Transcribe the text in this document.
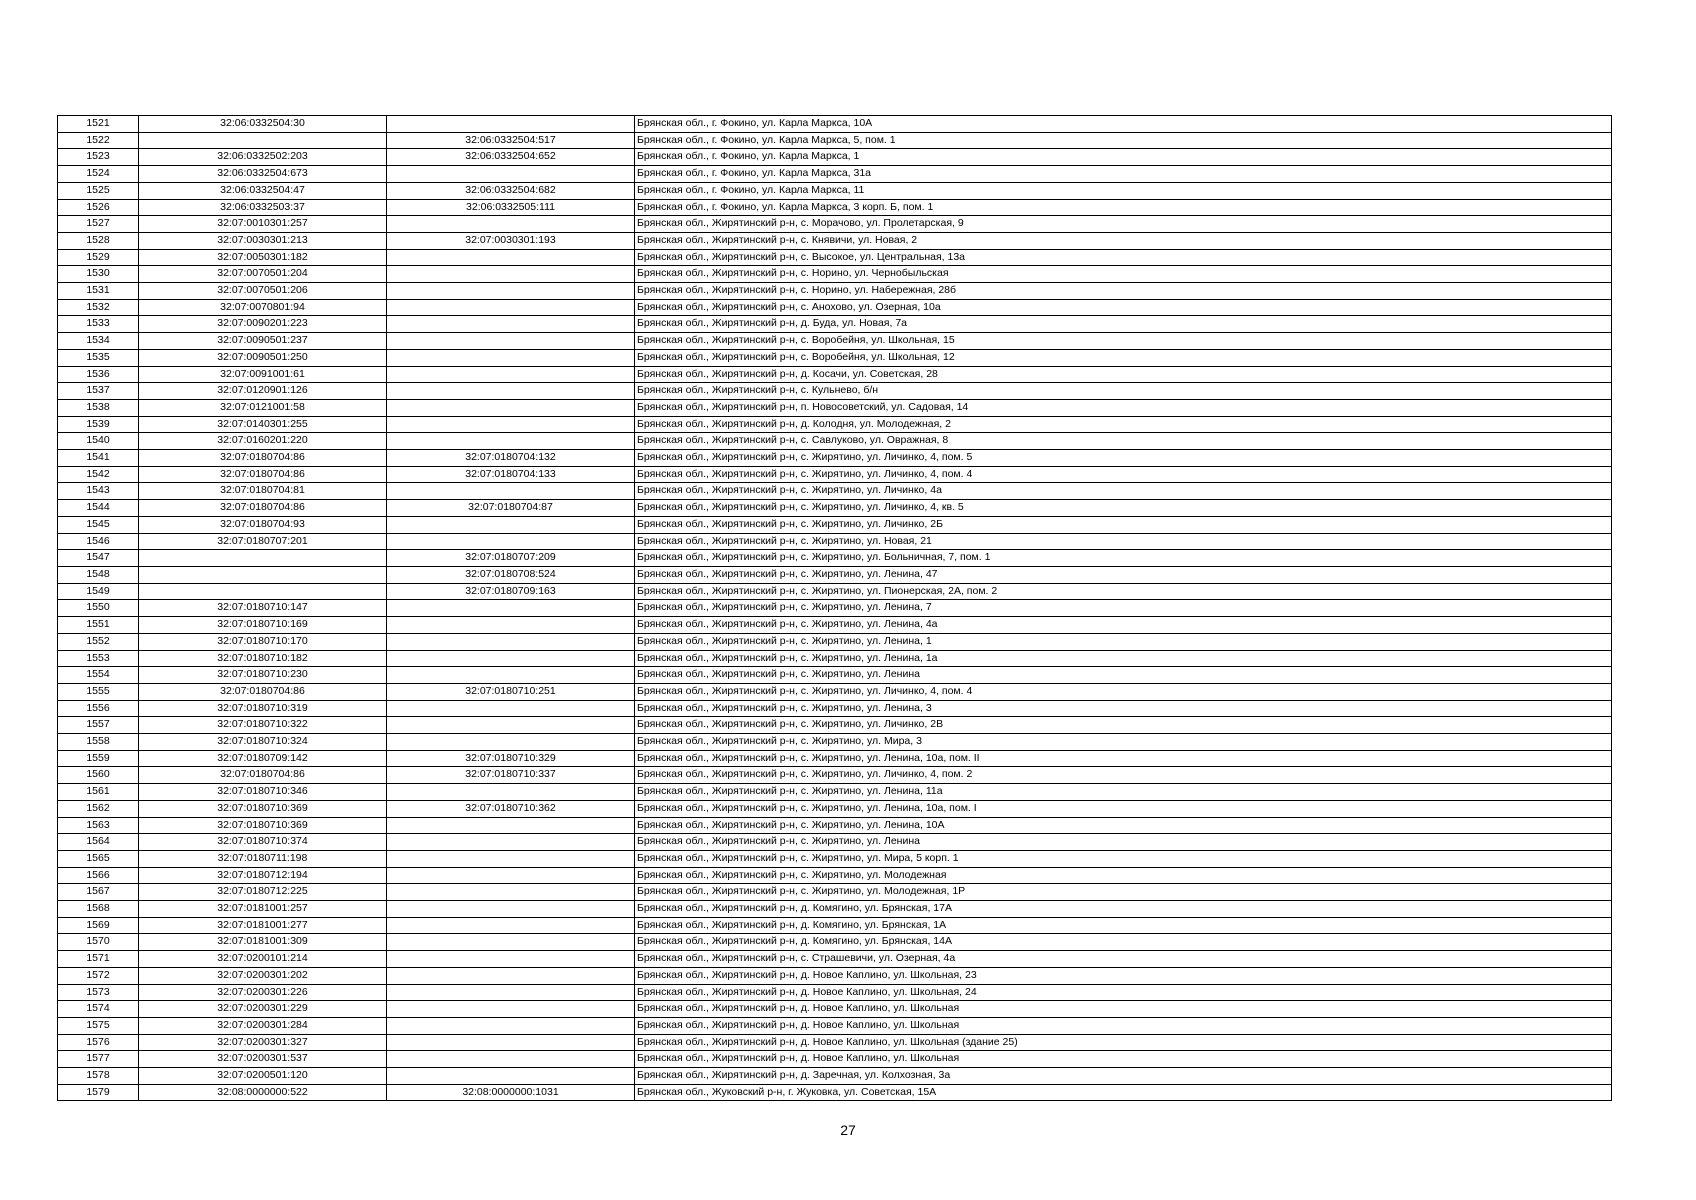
1521	32:06:0332504:30		Брянская обл., г. Фокино, ул. Карла Маркса, 10А
1522		32:06:0332504:517	Брянская обл., г. Фокино, ул. Карла Маркса, 5, пом. 1
1523	32:06:0332502:203	32:06:0332504:652	Брянская обл., г. Фокино, ул. Карла Маркса, 1
1524	32:06:0332504:673		Брянская обл., г. Фокино, ул. Карла Маркса, 31а
1525	32:06:0332504:47	32:06:0332504:682	Брянская обл., г. Фокино, ул. Карла Маркса, 11
1526	32:06:0332503:37	32:06:0332505:111	Брянская обл., г. Фокино, ул. Карла Маркса, 3 корп. Б, пом. 1
1527	32:07:0010301:257		Брянская обл., Жирятинский р-н, с. Морачово, ул. Пролетарская, 9
1528	32:07:0030301:213	32:07:0030301:193	Брянская обл., Жирятинский р-н, с. Княвичи, ул. Новая, 2
1529	32:07:0050301:182		Брянская обл., Жирятинский р-н, с. Высокое, ул. Центральная, 13а
1530	32:07:0070501:204		Брянская обл., Жирятинский р-н, с. Норино, ул. Чернобыльская
1531	32:07:0070501:206		Брянская обл., Жирятинский р-н, с. Норино, ул. Набережная, 28б
1532	32:07:0070801:94		Брянская обл., Жирятинский р-н, с. Анохово, ул. Озерная, 10а
1533	32:07:0090201:223		Брянская обл., Жирятинский р-н, д. Буда, ул. Новая, 7а
1534	32:07:0090501:237		Брянская обл., Жирятинский р-н, с. Воробейня, ул. Школьная, 15
1535	32:07:0090501:250		Брянская обл., Жирятинский р-н, с. Воробейня, ул. Школьная, 12
1536	32:07:0091001:61		Брянская обл., Жирятинский р-н, д. Косачи, ул. Советская, 28
1537	32:07:0120901:126		Брянская обл., Жирятинский р-н, с. Кульнево, б/н
1538	32:07:0121001:58		Брянская обл., Жирятинский р-н, п. Новосоветский, ул. Садовая, 14
1539	32:07:0140301:255		Брянская обл., Жирятинский р-н, д. Колодня, ул. Молодежная, 2
1540	32:07:0160201:220		Брянская обл., Жирятинский р-н, с. Савлуково, ул. Овражная, 8
1541	32:07:0180704:86	32:07:0180704:132	Брянская обл., Жирятинский р-н, с. Жирятино, ул. Личинко, 4, пом. 5
1542	32:07:0180704:86	32:07:0180704:133	Брянская обл., Жирятинский р-н, с. Жирятино, ул. Личинко, 4, пом. 4
1543	32:07:0180704:81		Брянская обл., Жирятинский р-н, с. Жирятино, ул. Личинко, 4а
1544	32:07:0180704:86	32:07:0180704:87	Брянская обл., Жирятинский р-н, с. Жирятино, ул. Личинко, 4, кв. 5
1545	32:07:0180704:93		Брянская обл., Жирятинский р-н, с. Жирятино, ул. Личинко, 2Б
1546	32:07:0180707:201		Брянская обл., Жирятинский р-н, с. Жирятино, ул. Новая, 21
1547		32:07:0180707:209	Брянская обл., Жирятинский р-н, с. Жирятино, ул. Больничная, 7, пом. 1
1548		32:07:0180708:524	Брянская обл., Жирятинский р-н, с. Жирятино, ул. Ленина, 47
1549		32:07:0180709:163	Брянская обл., Жирятинский р-н, с. Жирятино, ул. Пионерская, 2А, пом. 2
1550	32:07:0180710:147		Брянская обл., Жирятинский р-н, с. Жирятино, ул. Ленина, 7
1551	32:07:0180710:169		Брянская обл., Жирятинский р-н, с. Жирятино, ул. Ленина, 4а
1552	32:07:0180710:170		Брянская обл., Жирятинский р-н, с. Жирятино, ул. Ленина, 1
1553	32:07:0180710:182		Брянская обл., Жирятинский р-н, с. Жирятино, ул. Ленина, 1а
1554	32:07:0180710:230		Брянская обл., Жирятинский р-н, с. Жирятино, ул. Ленина
1555	32:07:0180704:86	32:07:0180710:251	Брянская обл., Жирятинский р-н, с. Жирятино, ул. Личинко, 4, пом. 4
1556	32:07:0180710:319		Брянская обл., Жирятинский р-н, с. Жирятино, ул. Ленина, 3
1557	32:07:0180710:322		Брянская обл., Жирятинский р-н, с. Жирятино, ул. Личинко, 2В
1558	32:07:0180710:324		Брянская обл., Жирятинский р-н, с. Жирятино, ул. Мира, 3
1559	32:07:0180709:142	32:07:0180710:329	Брянская обл., Жирятинский р-н, с. Жирятино, ул. Ленина, 10а, пом. II
1560	32:07:0180704:86	32:07:0180710:337	Брянская обл., Жирятинский р-н, с. Жирятино, ул. Личинко, 4, пом. 2
1561	32:07:0180710:346		Брянская обл., Жирятинский р-н, с. Жирятино, ул. Ленина, 11а
1562	32:07:0180710:369	32:07:0180710:362	Брянская обл., Жирятинский р-н, с. Жирятино, ул. Ленина, 10а, пом. I
1563	32:07:0180710:369		Брянская обл., Жирятинский р-н, с. Жирятино, ул. Ленина, 10А
1564	32:07:0180710:374		Брянская обл., Жирятинский р-н, с. Жирятино, ул. Ленина
1565	32:07:0180711:198		Брянская обл., Жирятинский р-н, с. Жирятино, ул. Мира, 5 корп. 1
1566	32:07:0180712:194		Брянская обл., Жирятинский р-н, с. Жирятино, ул. Молодежная
1567	32:07:0180712:225		Брянская обл., Жирятинский р-н, с. Жирятино, ул. Молодежная, 1Р
1568	32:07:0181001:257		Брянская обл., Жирятинский р-н, д. Комягино, ул. Брянская, 17А
1569	32:07:0181001:277		Брянская обл., Жирятинский р-н, д. Комягино, ул. Брянская, 1А
1570	32:07:0181001:309		Брянская обл., Жирятинский р-н, д. Комягино, ул. Брянская, 14А
1571	32:07:0200101:214		Брянская обл., Жирятинский р-н, с. Страшевичи, ул. Озерная, 4а
1572	32:07:0200301:202		Брянская обл., Жирятинский р-н, д. Новое Каплино, ул. Школьная, 23
1573	32:07:0200301:226		Брянская обл., Жирятинский р-н, д. Новое Каплино, ул. Школьная, 24
1574	32:07:0200301:229		Брянская обл., Жирятинский р-н, д. Новое Каплино, ул. Школьная
1575	32:07:0200301:284		Брянская обл., Жирятинский р-н, д. Новое Каплино, ул. Школьная
1576	32:07:0200301:327		Брянская обл., Жирятинский р-н, д. Новое Каплино, ул. Школьная (здание 25)
1577	32:07:0200301:537		Брянская обл., Жирятинский р-н, д. Новое Каплино, ул. Школьная
1578	32:07:0200501:120		Брянская обл., Жирятинский р-н, д. Заречная, ул. Колхозная, 3а
1579	32:08:0000000:522	32:08:0000000:1031	Брянская обл., Жуковский р-н, г. Жуковка, ул. Советская, 15А
27
